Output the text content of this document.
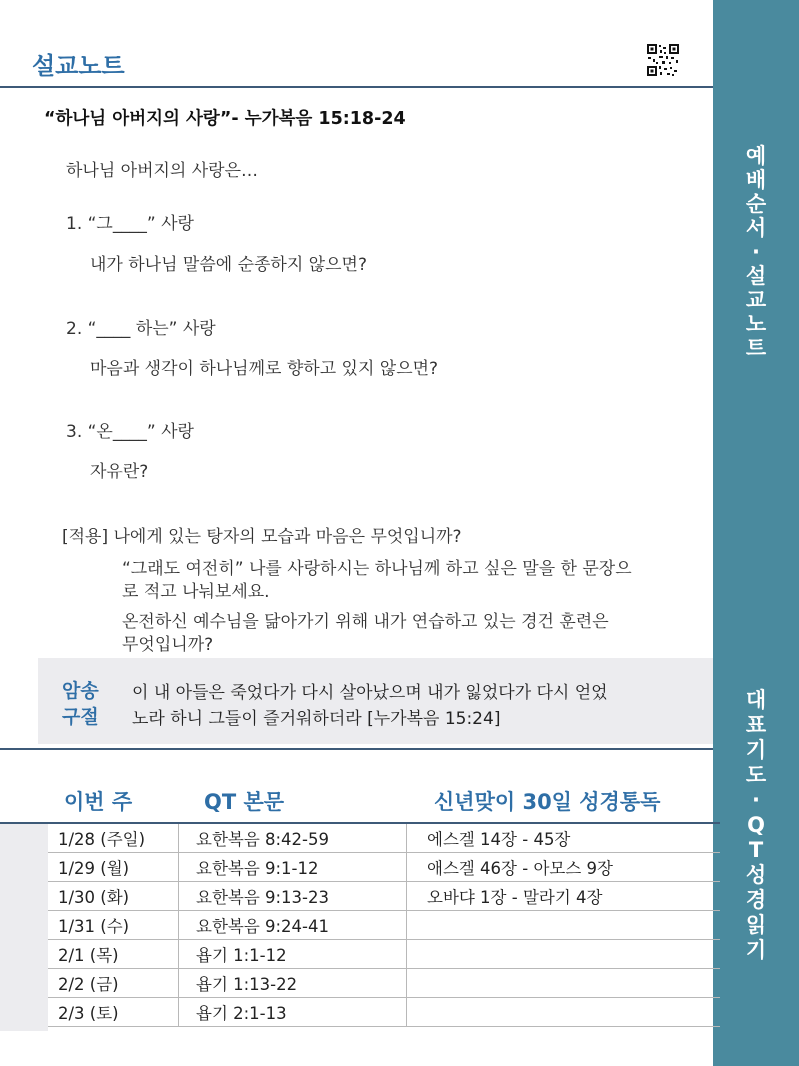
예
배
순
서
·
설
교
노
트
대
표
기
도
·
Q
T
성
경
읽
기
설교노트
“하나님 아버지의 사랑”- 누가복음 15:18-24
하나님 아버지의 사랑은…
1. “그____” 사랑
내가 하나님 말씀에 순종하지 않으면?
2. “____ 하는” 사랑
마음과 생각이 하나님께로 향하고 있지 않으면?
3. “온____” 사랑
자유란?
[적용] 나에게 있는 탕자의 모습과 마음은 무엇입니까?
“그래도 여전히” 나를 사랑하시는 하나님께 하고 싶은 말을 한 문장으
로 적고 나눠보세요.
온전하신 예수님을 닮아가기 위해 내가 연습하고 있는 경건 훈련은
무엇입니까?
암송
구절
이 내 아들은 죽었다가 다시 살아났으며 내가 잃었다가 다시 얻었
노라 하니 그들이 즐거워하더라 [누가복음 15:24]
이번 주	QT 본문	신년맞이 30일 성경통독
1/28 (주일)	요한복음 8:42-59	에스겔 14장 - 45장
1/29 (월)	요한복음 9:1-12	애스겔 46장 - 아모스 9장
1/30 (화)	요한복음 9:13-23	오바댜 1장 - 말라기 4장
1/31 (수)	요한복음 9:24-41	
2/1 (목)	욥기 1:1-12	
2/2 (금)	욥기 1:13-22	
2/3 (토)	욥기 2:1-13	
